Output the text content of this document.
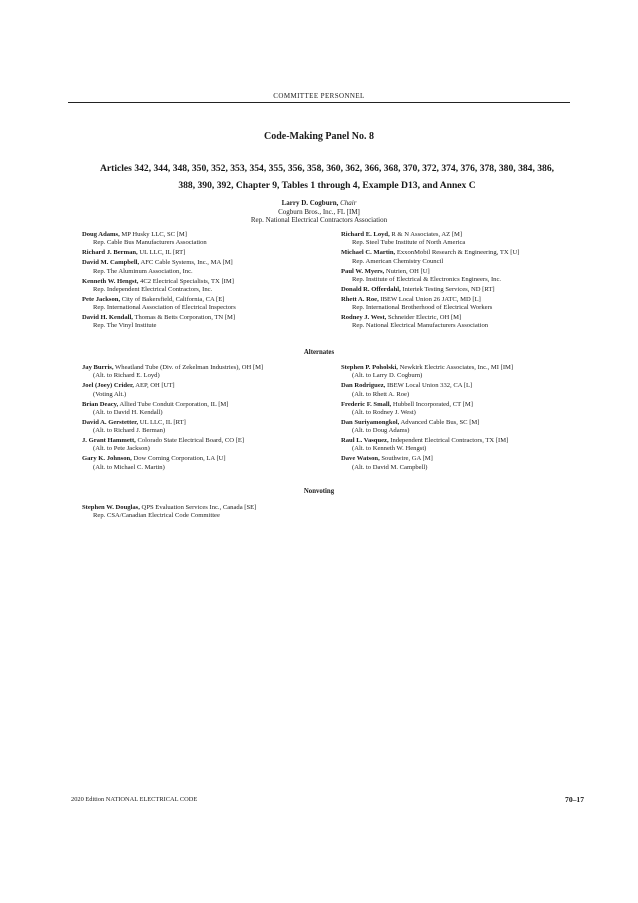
COMMITTEE PERSONNEL
Code-Making Panel No. 8
Articles 342, 344, 348, 350, 352, 353, 354, 355, 356, 358, 360, 362, 366, 368, 370, 372, 374, 376, 378, 380, 384, 386,
388, 390, 392, Chapter 9, Tables 1 through 4, Example D13, and Annex C
Larry D. Cogburn, Chair
Cogburn Bros., Inc., FL [IM]
Rep. National Electrical Contractors Association
Doug Adams, MP Husky LLC, SC [M]
Rep. Cable Bus Manufacturers Association
Richard J. Berman, UL LLC, IL [RT]
David M. Campbell, AFC Cable Systems, Inc., MA [M]
Rep. The Aluminum Association, Inc.
Kenneth W. Hengst, 4C2 Electrical Specialists, TX [IM]
Rep. Independent Electrical Contractors, Inc.
Pete Jackson, City of Bakersfield, California, CA [E]
Rep. International Association of Electrical Inspectors
David H. Kendall, Thomas & Betts Corporation, TN [M]
Rep. The Vinyl Institute
Richard E. Loyd, R & N Associates, AZ [M]
Rep. Steel Tube Institute of North America
Michael C. Martin, ExxonMobil Research & Engineering, TX [U]
Rep. American Chemistry Council
Paul W. Myers, Nutrien, OH [U]
Rep. Institute of Electrical & Electronics Engineers, Inc.
Donald R. Offerdahl, Intertek Testing Services, ND [RT]
Rhett A. Roe, IBEW Local Union 26 JATC, MD [L]
Rep. International Brotherhood of Electrical Workers
Rodney J. West, Schneider Electric, OH [M]
Rep. National Electrical Manufacturers Association
Alternates
Jay Burris, Wheatland Tube (Div. of Zekelman Industries), OH [M]
(Alt. to Richard E. Loyd)
Joel (Joey) Crider, AEP, OH [UT]
(Voting Alt.)
Brian Deacy, Allied Tube Conduit Corporation, IL [M]
(Alt. to David H. Kendall)
David A. Gerstetter, UL LLC, IL [RT]
(Alt. to Richard J. Berman)
J. Grant Hammett, Colorado State Electrical Board, CO [E]
(Alt. to Pete Jackson)
Gary K. Johnson, Dow Corning Corporation, LA [U]
(Alt. to Michael C. Martin)
Stephen P. Poholski, Newkirk Electric Associates, Inc., MI [IM]
(Alt. to Larry D. Cogburn)
Dan Rodriguez, IBEW Local Union 332, CA [L]
(Alt. to Rhett A. Roe)
Frederic F. Small, Hubbell Incorporated, CT [M]
(Alt. to Rodney J. West)
Dan Suriyamongkol, Advanced Cable Bus, SC [M]
(Alt. to Doug Adams)
Raul L. Vasquez, Independent Electrical Contractors, TX [IM]
(Alt. to Kenneth W. Hengst)
Dave Watson, Southwire, GA [M]
(Alt. to David M. Campbell)
Nonvoting
Stephen W. Douglas, QPS Evaluation Services Inc., Canada [SE]
Rep. CSA/Canadian Electrical Code Committee
2020 Edition NATIONAL ELECTRICAL CODE	70–17
